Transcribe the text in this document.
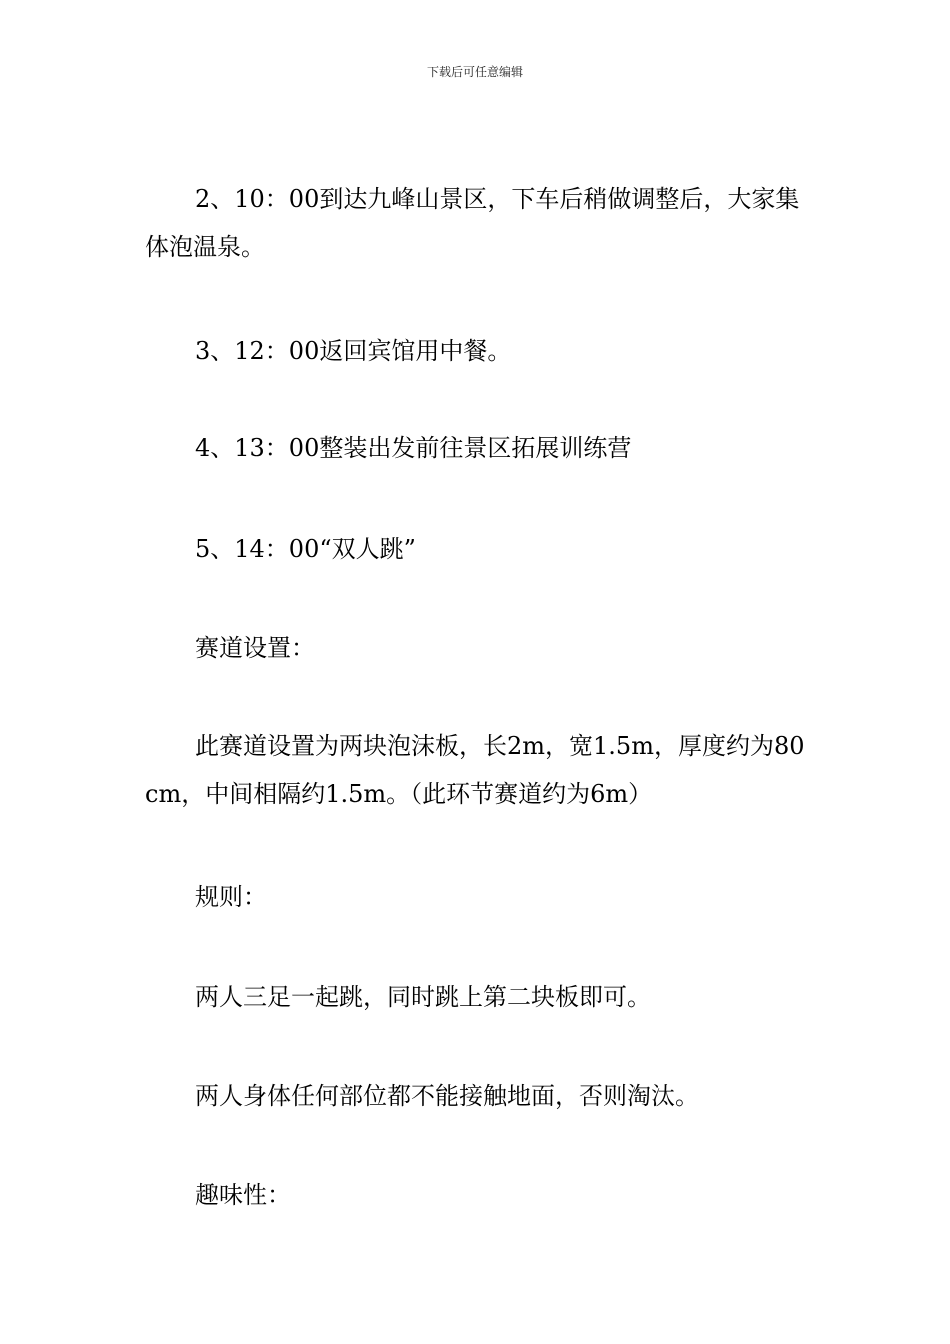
下载后可任意编辑
2、10：00到达九峰山景区，下车后稍做调整后，大家集体泡温泉。
3、12：00返回宾馆用中餐。
4、13：00整装出发前往景区拓展训练营
5、14：00“双人跳”
赛道设置：
此赛道设置为两块泡沫板，长2m，宽1.5m，厚度约为80cm，中间相隔约1.5m。（此环节赛道约为6m）
规则：
两人三足一起跳，同时跳上第二块板即可。
两人身体任何部位都不能接触地面，否则淘汰。
趣味性：
